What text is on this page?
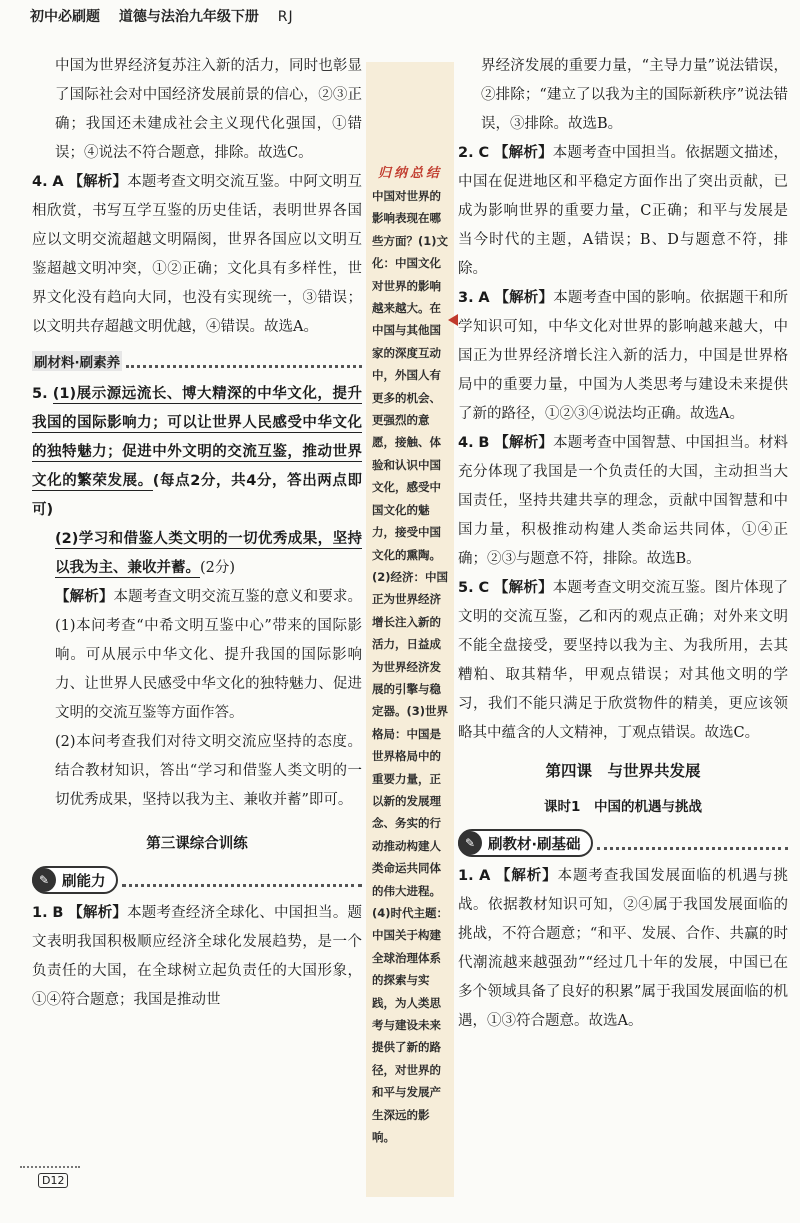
初中必刷题 道德与法治九年级下册 RJ

中国为世界经济复苏注入新的活力，同时也彰显了国际社会对中国经济发展前景的信心，②③正确；我国还未建成社会主义现代化强国，①错误；④说法不符合题意，排除。故选C。

4. A 【解析】本题考查文明交流互鉴。中阿文明互相欣赏，书写互学互鉴的历史佳话，表明世界各国应以文明交流超越文明隔阂，世界各国应以文明互鉴超越文明冲突，①②正确；文化具有多样性，世界文化没有趋向大同，也没有实现统一，③错误；以文明共存超越文明优越，④错误。故选A。

刷材料·刷素养

5. (1)展示源远流长、博大精深的中华文化，提升我国的国际影响力；可以让世界人民感受中华文化的独特魅力；促进中外文明的交流互鉴，推动世界文化的繁荣发展。(每点2分，共4分，答出两点即可)

(2)学习和借鉴人类文明的一切优秀成果，坚持以我为主、兼收并蓄。(2分)

【解析】本题考查文明交流互鉴的意义和要求。(1)本问考查“中希文明互鉴中心”带来的国际影响。可从展示中华文化、提升我国的国际影响力、让世界人民感受中华文化的独特魅力、促进文明的交流互鉴等方面作答。

(2)本问考查我们对待文明交流应坚持的态度。结合教材知识，答出“学习和借鉴人类文明的一切优秀成果，坚持以我为主、兼收并蓄”即可。

第三课综合训练
✎ 刷能力

1. B 【解析】本题考查经济全球化、中国担当。题文表明我国积极顺应经济全球化发展趋势，是一个负责任的大国，在全球树立起负责任的大国形象，①④符合题意；我国是推动世

归纳总结
中国对世界的影响表现在哪些方面？(1)文化：中国文化对世界的影响越来越大。在中国与其他国家的深度互动中，外国人有更多的机会、更强烈的意愿，接触、体验和认识中国文化，感受中国文化的魅力，接受中国文化的熏陶。(2)经济：中国正为世界经济增长注入新的活力，日益成为世界经济发展的引擎与稳定器。(3)世界格局：中国是世界格局中的重要力量，正以新的发展理念、务实的行动推动构建人类命运共同体的伟大进程。(4)时代主题：中国关于构建全球治理体系的探索与实践，为人类思考与建设未来提供了新的路径，对世界的和平与发展产生深远的影响。

界经济发展的重要力量，“主导力量”说法错误，②排除；“建立了以我为主的国际新秩序”说法错误，③排除。故选B。

2. C 【解析】本题考查中国担当。依据题文描述，中国在促进地区和平稳定方面作出了突出贡献，已成为影响世界的重要力量，C正确；和平与发展是当今时代的主题，A错误；B、D与题意不符，排除。

3. A 【解析】本题考查中国的影响。依据题干和所学知识可知，中华文化对世界的影响越来越大，中国正为世界经济增长注入新的活力，中国是世界格局中的重要力量，中国为人类思考与建设未来提供了新的路径，①②③④说法均正确。故选A。

4. B 【解析】本题考查中国智慧、中国担当。材料充分体现了我国是一个负责任的大国，主动担当大国责任，坚持共建共享的理念，贡献中国智慧和中国力量，积极推动构建人类命运共同体，①④正确；②③与题意不符，排除。故选B。

5. C 【解析】本题考查文明交流互鉴。图片体现了文明的交流互鉴，乙和丙的观点正确；对外来文明不能全盘接受，要坚持以我为主、为我所用，去其糟粕、取其精华，甲观点错误；对其他文明的学习，我们不能只满足于欣赏物件的精美，更应该领略其中蕴含的人文精神，丁观点错误。故选C。

第四课　与世界共发展
课时1　中国的机遇与挑战
✎ 刷教材·刷基础

1. A 【解析】本题考查我国发展面临的机遇与挑战。依据教材知识可知，②④属于我国发展面临的挑战，不符合题意；“和平、发展、合作、共赢的时代潮流越来越强劲”“经过几十年的发展，中国已在多个领域具备了良好的积累”属于我国发展面临的机遇，①③符合题意。故选A。

D12
